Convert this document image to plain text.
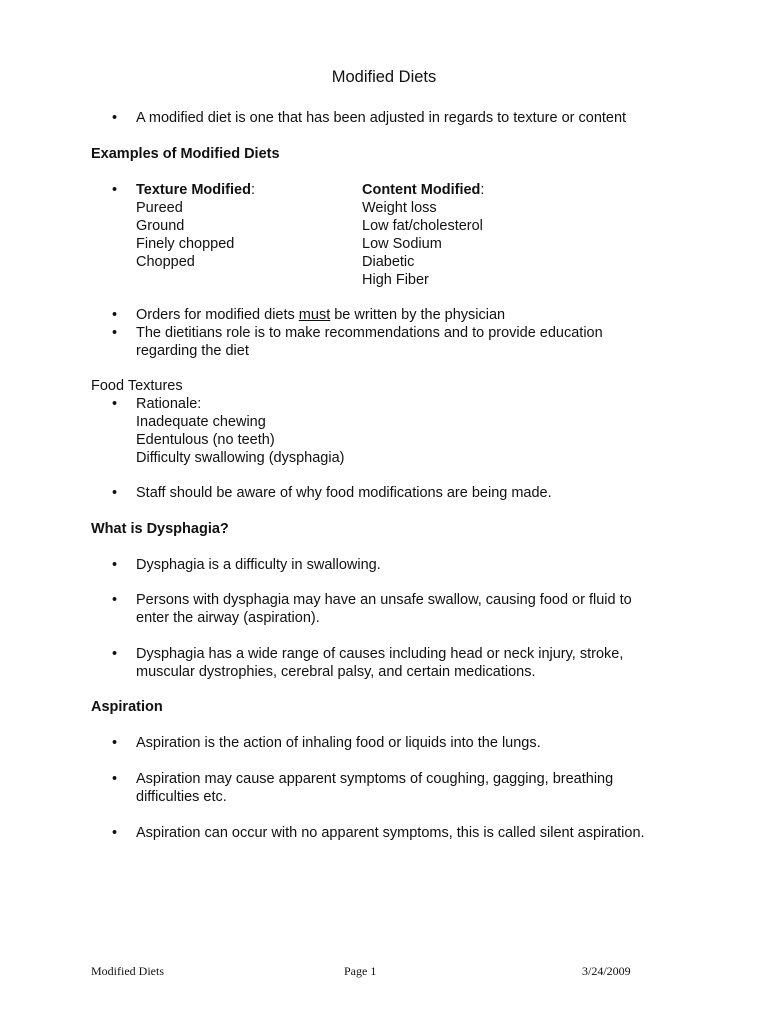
Modified Diets
• A modified diet is one that has been adjusted in regards to texture or content
Examples of Modified Diets
• Texture Modified:
Pureed
Ground
Finely chopped
Chopped
Content Modified:
Weight loss
Low fat/cholesterol
Low Sodium
Diabetic
High Fiber
• Orders for modified diets must be written by the physician
• The dietitians role is to make recommendations and to provide education
regarding the diet
Food Textures
• Rationale:
Inadequate chewing
Edentulous (no teeth)
Difficulty swallowing (dysphagia)
• Staff should be aware of why food modifications are being made.
What is Dysphagia?
• Dysphagia is a difficulty in swallowing.
• Persons with dysphagia may have an unsafe swallow, causing food or fluid to
enter the airway (aspiration).
• Dysphagia has a wide range of causes including head or neck injury, stroke,
muscular dystrophies, cerebral palsy, and certain medications.
Aspiration
• Aspiration is the action of inhaling food or liquids into the lungs.
• Aspiration may cause apparent symptoms of coughing, gagging, breathing
difficulties etc.
• Aspiration can occur with no apparent symptoms, this is called silent aspiration.
Modified Diets	Page 1	3/24/2009
